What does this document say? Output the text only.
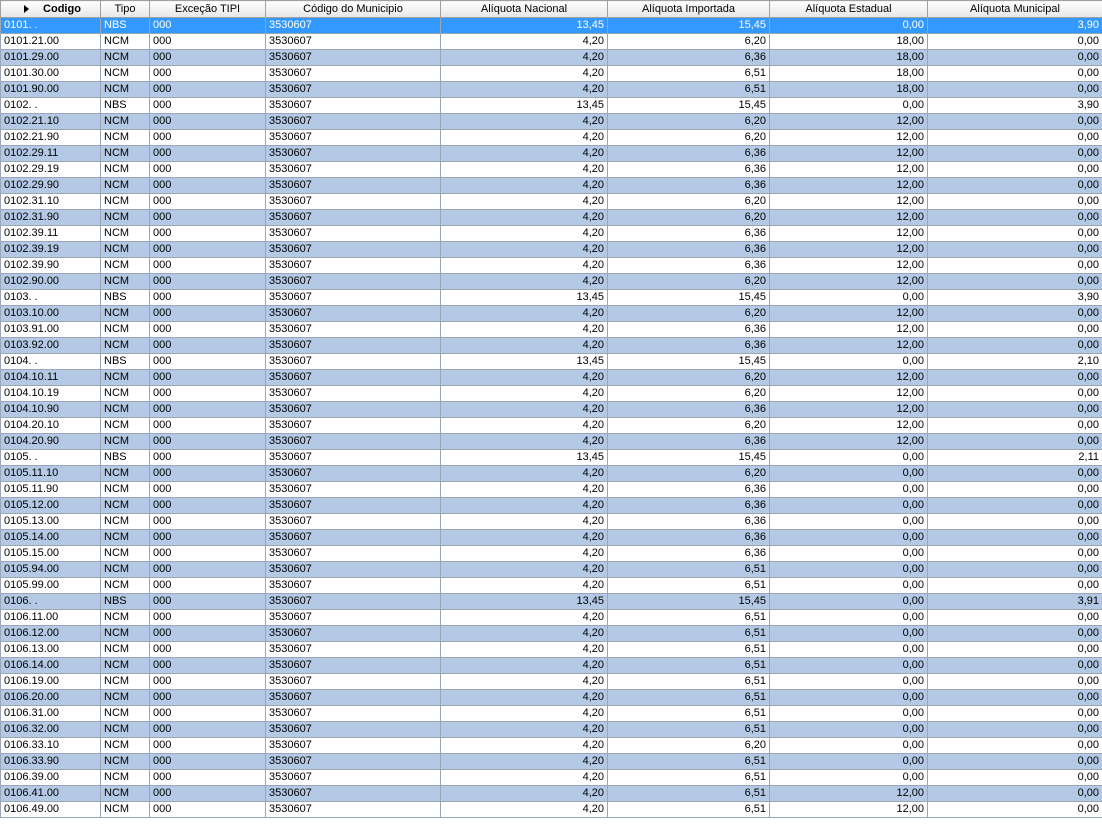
Codigo	Tipo	Exceção TIPI	Código do Municipio	Alíquota Nacional	Alíquota Importada	Alíquota Estadual	Alíquota Municipal
0101. .	NBS	000	3530607	13,45	15,45	0,00	3,90
0101.21.00	NCM	000	3530607	4,20	6,20	18,00	0,00
0101.29.00	NCM	000	3530607	4,20	6,36	18,00	0,00
0101.30.00	NCM	000	3530607	4,20	6,51	18,00	0,00
0101.90.00	NCM	000	3530607	4,20	6,51	18,00	0,00
0102. .	NBS	000	3530607	13,45	15,45	0,00	3,90
0102.21.10	NCM	000	3530607	4,20	6,20	12,00	0,00
0102.21.90	NCM	000	3530607	4,20	6,20	12,00	0,00
0102.29.11	NCM	000	3530607	4,20	6,36	12,00	0,00
0102.29.19	NCM	000	3530607	4,20	6,36	12,00	0,00
0102.29.90	NCM	000	3530607	4,20	6,36	12,00	0,00
0102.31.10	NCM	000	3530607	4,20	6,20	12,00	0,00
0102.31.90	NCM	000	3530607	4,20	6,20	12,00	0,00
0102.39.11	NCM	000	3530607	4,20	6,36	12,00	0,00
0102.39.19	NCM	000	3530607	4,20	6,36	12,00	0,00
0102.39.90	NCM	000	3530607	4,20	6,36	12,00	0,00
0102.90.00	NCM	000	3530607	4,20	6,20	12,00	0,00
0103. .	NBS	000	3530607	13,45	15,45	0,00	3,90
0103.10.00	NCM	000	3530607	4,20	6,20	12,00	0,00
0103.91.00	NCM	000	3530607	4,20	6,36	12,00	0,00
0103.92.00	NCM	000	3530607	4,20	6,36	12,00	0,00
0104. .	NBS	000	3530607	13,45	15,45	0,00	2,10
0104.10.11	NCM	000	3530607	4,20	6,20	12,00	0,00
0104.10.19	NCM	000	3530607	4,20	6,20	12,00	0,00
0104.10.90	NCM	000	3530607	4,20	6,36	12,00	0,00
0104.20.10	NCM	000	3530607	4,20	6,20	12,00	0,00
0104.20.90	NCM	000	3530607	4,20	6,36	12,00	0,00
0105. .	NBS	000	3530607	13,45	15,45	0,00	2,11
0105.11.10	NCM	000	3530607	4,20	6,20	0,00	0,00
0105.11.90	NCM	000	3530607	4,20	6,36	0,00	0,00
0105.12.00	NCM	000	3530607	4,20	6,36	0,00	0,00
0105.13.00	NCM	000	3530607	4,20	6,36	0,00	0,00
0105.14.00	NCM	000	3530607	4,20	6,36	0,00	0,00
0105.15.00	NCM	000	3530607	4,20	6,36	0,00	0,00
0105.94.00	NCM	000	3530607	4,20	6,51	0,00	0,00
0105.99.00	NCM	000	3530607	4,20	6,51	0,00	0,00
0106. .	NBS	000	3530607	13,45	15,45	0,00	3,91
0106.11.00	NCM	000	3530607	4,20	6,51	0,00	0,00
0106.12.00	NCM	000	3530607	4,20	6,51	0,00	0,00
0106.13.00	NCM	000	3530607	4,20	6,51	0,00	0,00
0106.14.00	NCM	000	3530607	4,20	6,51	0,00	0,00
0106.19.00	NCM	000	3530607	4,20	6,51	0,00	0,00
0106.20.00	NCM	000	3530607	4,20	6,51	0,00	0,00
0106.31.00	NCM	000	3530607	4,20	6,51	0,00	0,00
0106.32.00	NCM	000	3530607	4,20	6,51	0,00	0,00
0106.33.10	NCM	000	3530607	4,20	6,20	0,00	0,00
0106.33.90	NCM	000	3530607	4,20	6,51	0,00	0,00
0106.39.00	NCM	000	3530607	4,20	6,51	0,00	0,00
0106.41.00	NCM	000	3530607	4,20	6,51	12,00	0,00
0106.49.00	NCM	000	3530607	4,20	6,51	12,00	0,00
